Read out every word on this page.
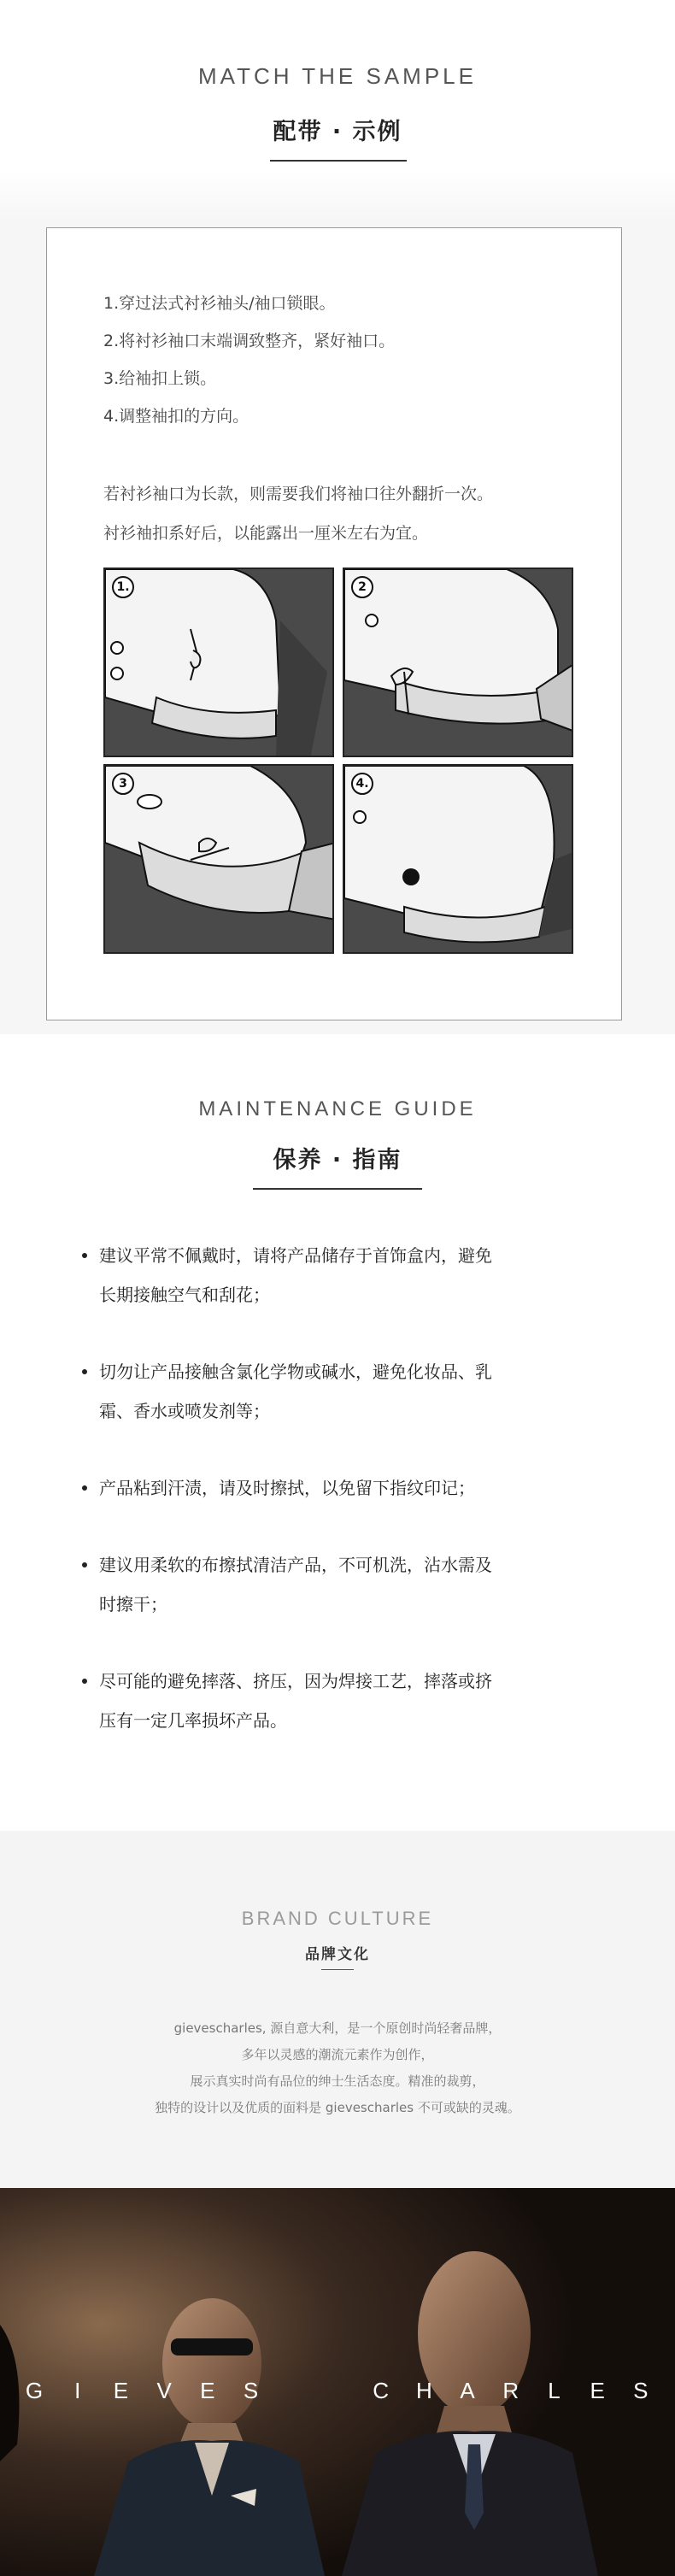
MATCH THE SAMPLE
配带 · 示例
1.穿过法式衬衫袖头/袖口锁眼。
2.将衬衫袖口末端调致整齐，紧好袖口。
3.给袖扣上锁。
4.调整袖扣的方向。
若衬衫袖口为长款，则需要我们将袖口往外翻折一次。
衬衫袖扣系好后，以能露出一厘米左右为宜。
1.	2
3	4.
MAINTENANCE GUIDE
保养 · 指南
建议平常不佩戴时，请将产品储存于首饰盒内，避免
长期接触空气和刮花；
切勿让产品接触含氯化学物或碱水，避免化妆品、乳
霜、香水或喷发剂等；
产品粘到汗渍，请及时擦拭，以免留下指纹印记；
建议用柔软的布擦拭清洁产品，不可机洗，沾水需及
时擦干；
尽可能的避免摔落、挤压，因为焊接工艺，摔落或挤
压有一定几率损坏产品。
BRAND CULTURE
品牌文化
gievescharles, 源自意大利，是一个原创时尚轻奢品牌，
多年以灵感的潮流元素作为创作，
展示真实时尚有品位的绅士生活态度。精准的裁剪，
独特的设计以及优质的面料是 gievescharles 不可或缺的灵魂。
G	I	E	V	E	S	C	H	A	R	L	E	S
